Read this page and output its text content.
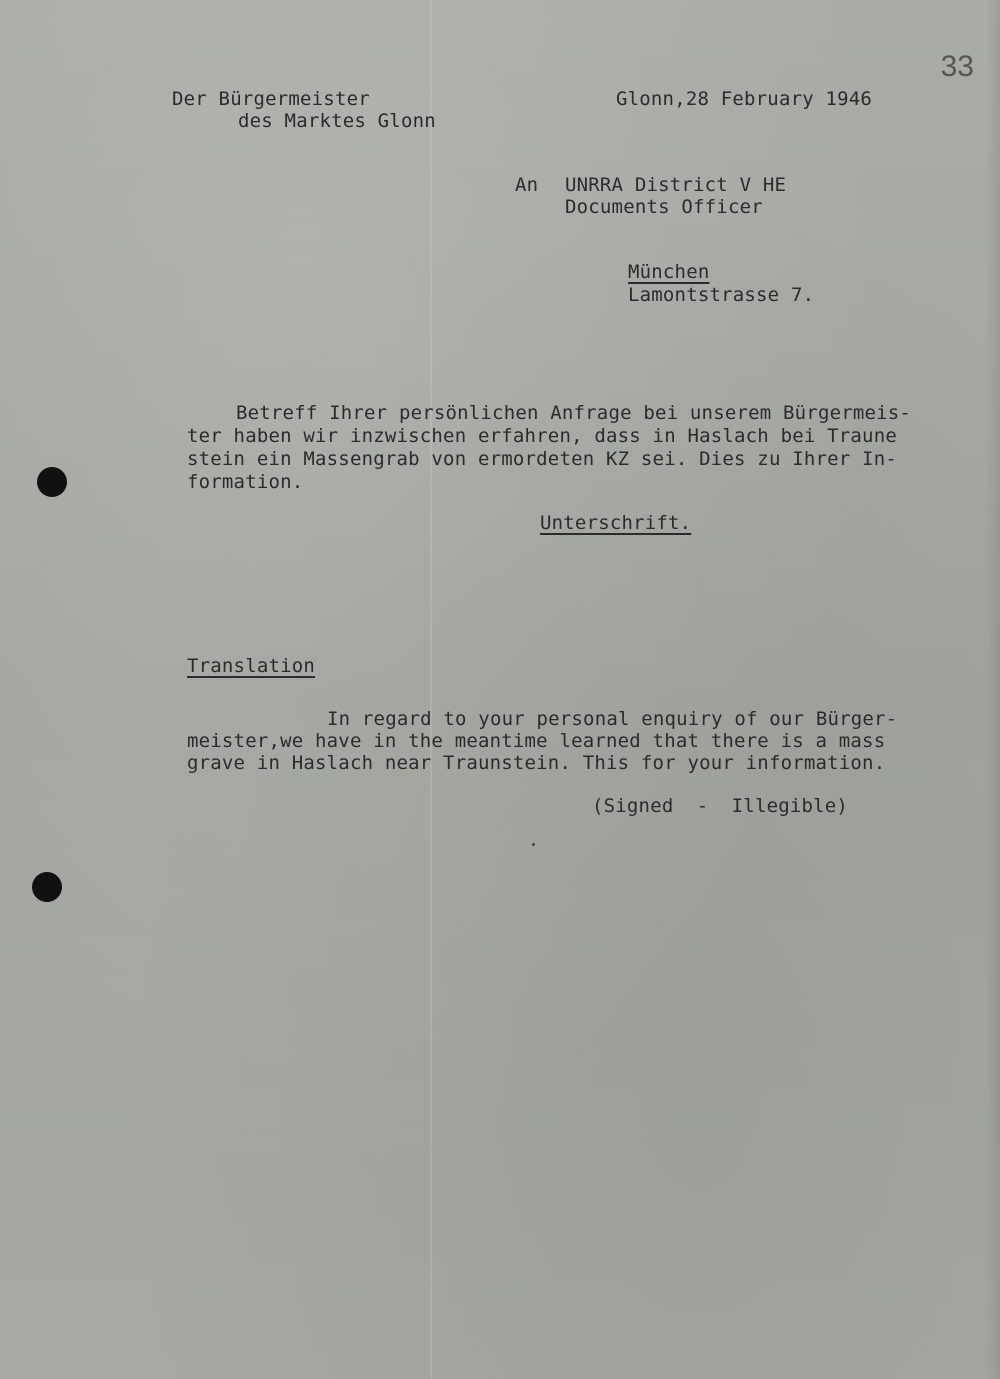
33
Der Bürgermeister
des Marktes Glonn
Glonn,28 February 1946
An UNRRA District V HE
Documents Officer
München
Lamontstrasse 7.
Betreff Ihrer persönlichen Anfrage bei unserem Bürgermeis-
ter haben wir inzwischen erfahren, dass in Haslach bei Traune
stein ein Massengrab von ermordeten KZ sei. Dies zu Ihrer In-
formation.
Unterschrift.
Translation
In regard to your personal enquiry of our Bürger-
meister,we have in the meantime learned that there is a mass
grave in Haslach near Traunstein. This for your information.
(Signed  -  Illegible)
